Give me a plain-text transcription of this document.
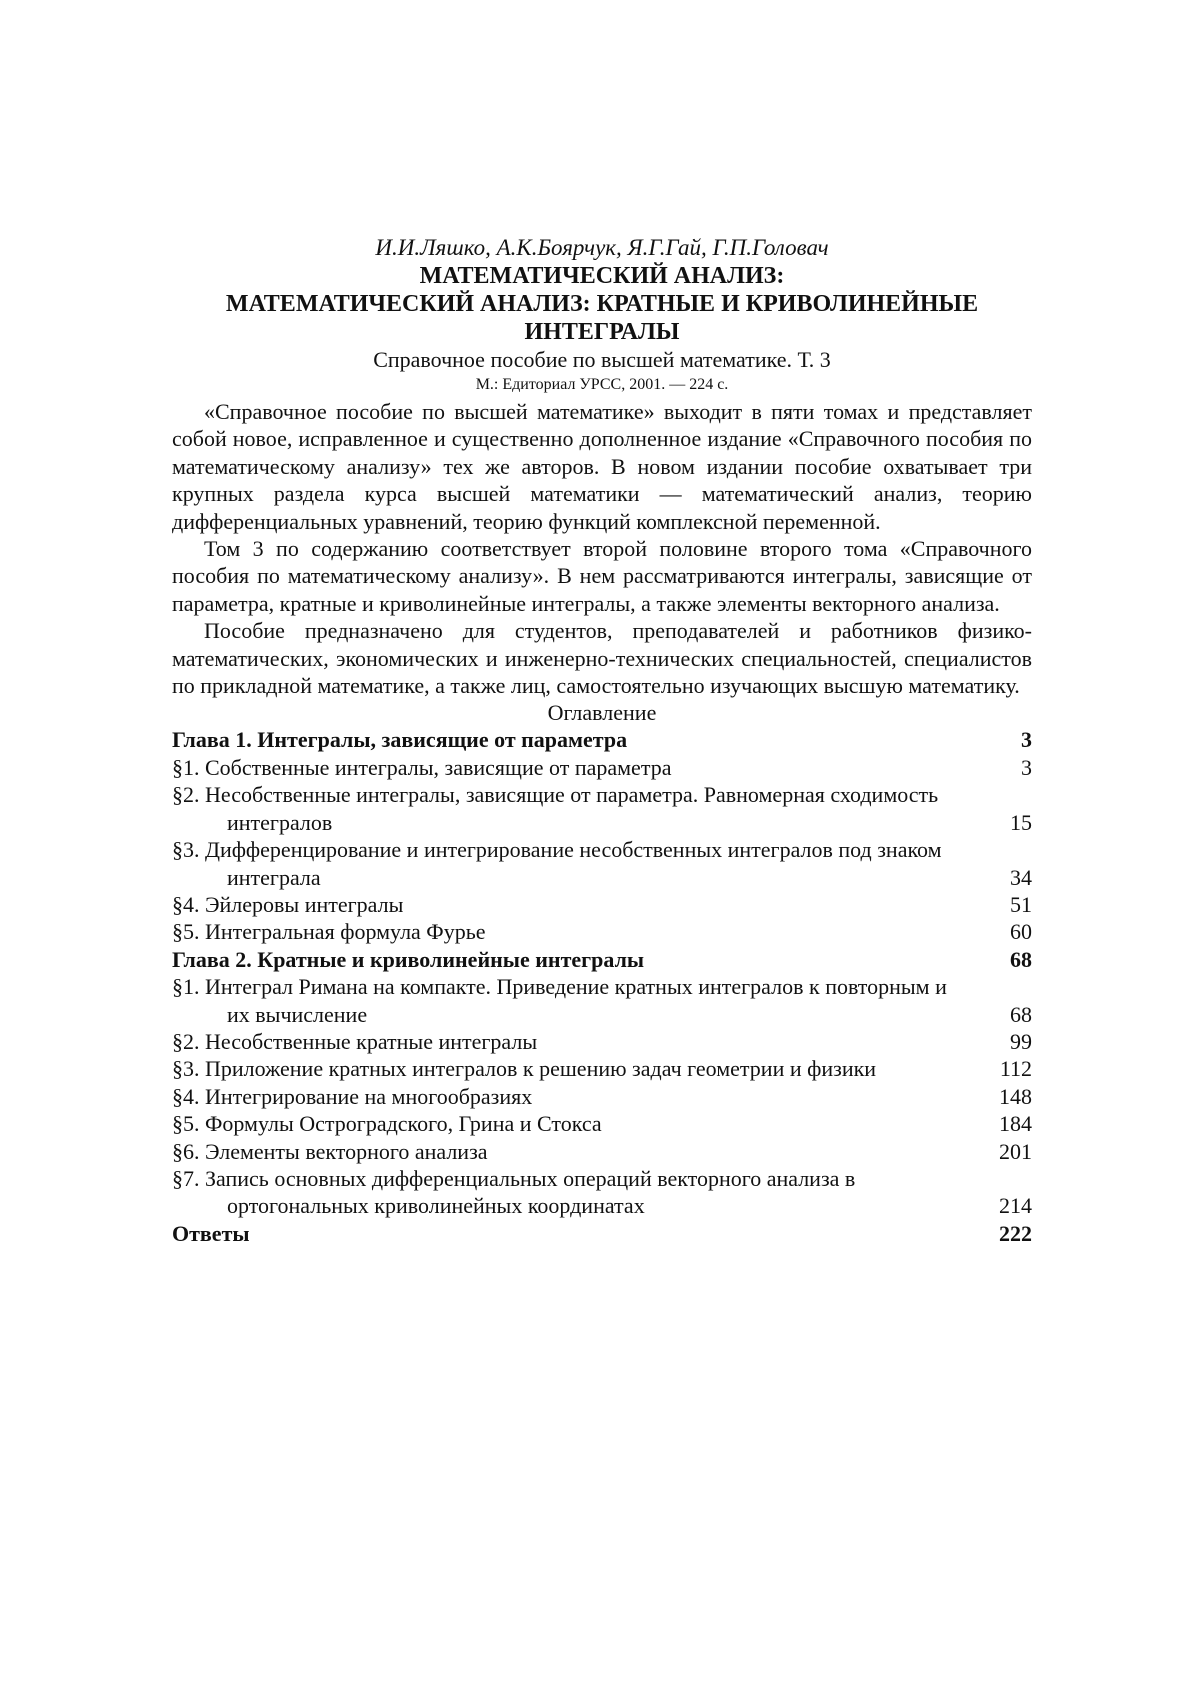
И.И.Ляшко, А.К.Боярчук, Я.Г.Гай, Г.П.Головач

МАТЕМАТИЧЕСКИЙ АНАЛИЗ:

МАТЕМАТИЧЕСКИЙ АНАЛИЗ: КРАТНЫЕ И КРИВОЛИНЕЙНЫЕ

ИНТЕГРАЛЫ

Справочное пособие по высшей математике. Т. 3

М.: Едиториал УРСС, 2001. — 224 с.

«Справочное пособие по высшей математике» выходит в пяти томах и представляет собой новое, исправленное и существенно дополненное издание «Справочного пособия по математическому анализу» тех же авторов. В новом издании пособие охватывает три крупных раздела курса высшей математики — математический анализ, теорию дифференциальных уравнений, теорию функций комплексной переменной.

Том 3 по содержанию соответствует второй половине второго тома «Справочного пособия по математическому анализу». В нем рассматриваются интегралы, зависящие от параметра, кратные и криволинейные интегралы, а также элементы векторного анализа.

Пособие предназначено для студентов, преподавателей и работников физико-математических, экономических и инженерно-технических специальностей, специалистов по прикладной математике, а также лиц, самостоятельно изучающих высшую математику.

Оглавление

Глава 1. Интегралы, зависящие от параметра	3
§1. Собственные интегралы, зависящие от параметра	3
§2. Несобственные интегралы, зависящие от параметра. Равномерная сходимость интегралов	15
§3. Дифференцирование и интегрирование несобственных интегралов под знаком интеграла	34
§4. Эйлеровы интегралы	51
§5. Интегральная формула Фурье	60
Глава 2. Кратные и криволинейные интегралы	68
§1. Интеграл Римана на компакте. Приведение кратных интегралов к повторным и их вычисление	68
§2. Несобственные кратные интегралы	99
§3. Приложение кратных интегралов к решению задач геометрии и физики	112
§4. Интегрирование на многообразиях	148
§5. Формулы Остроградского, Грина и Стокса	184
§6. Элементы векторного анализа	201
§7. Запись основных дифференциальных операций векторного анализа в ортогональных криволинейных координатах	214
Ответы	222
